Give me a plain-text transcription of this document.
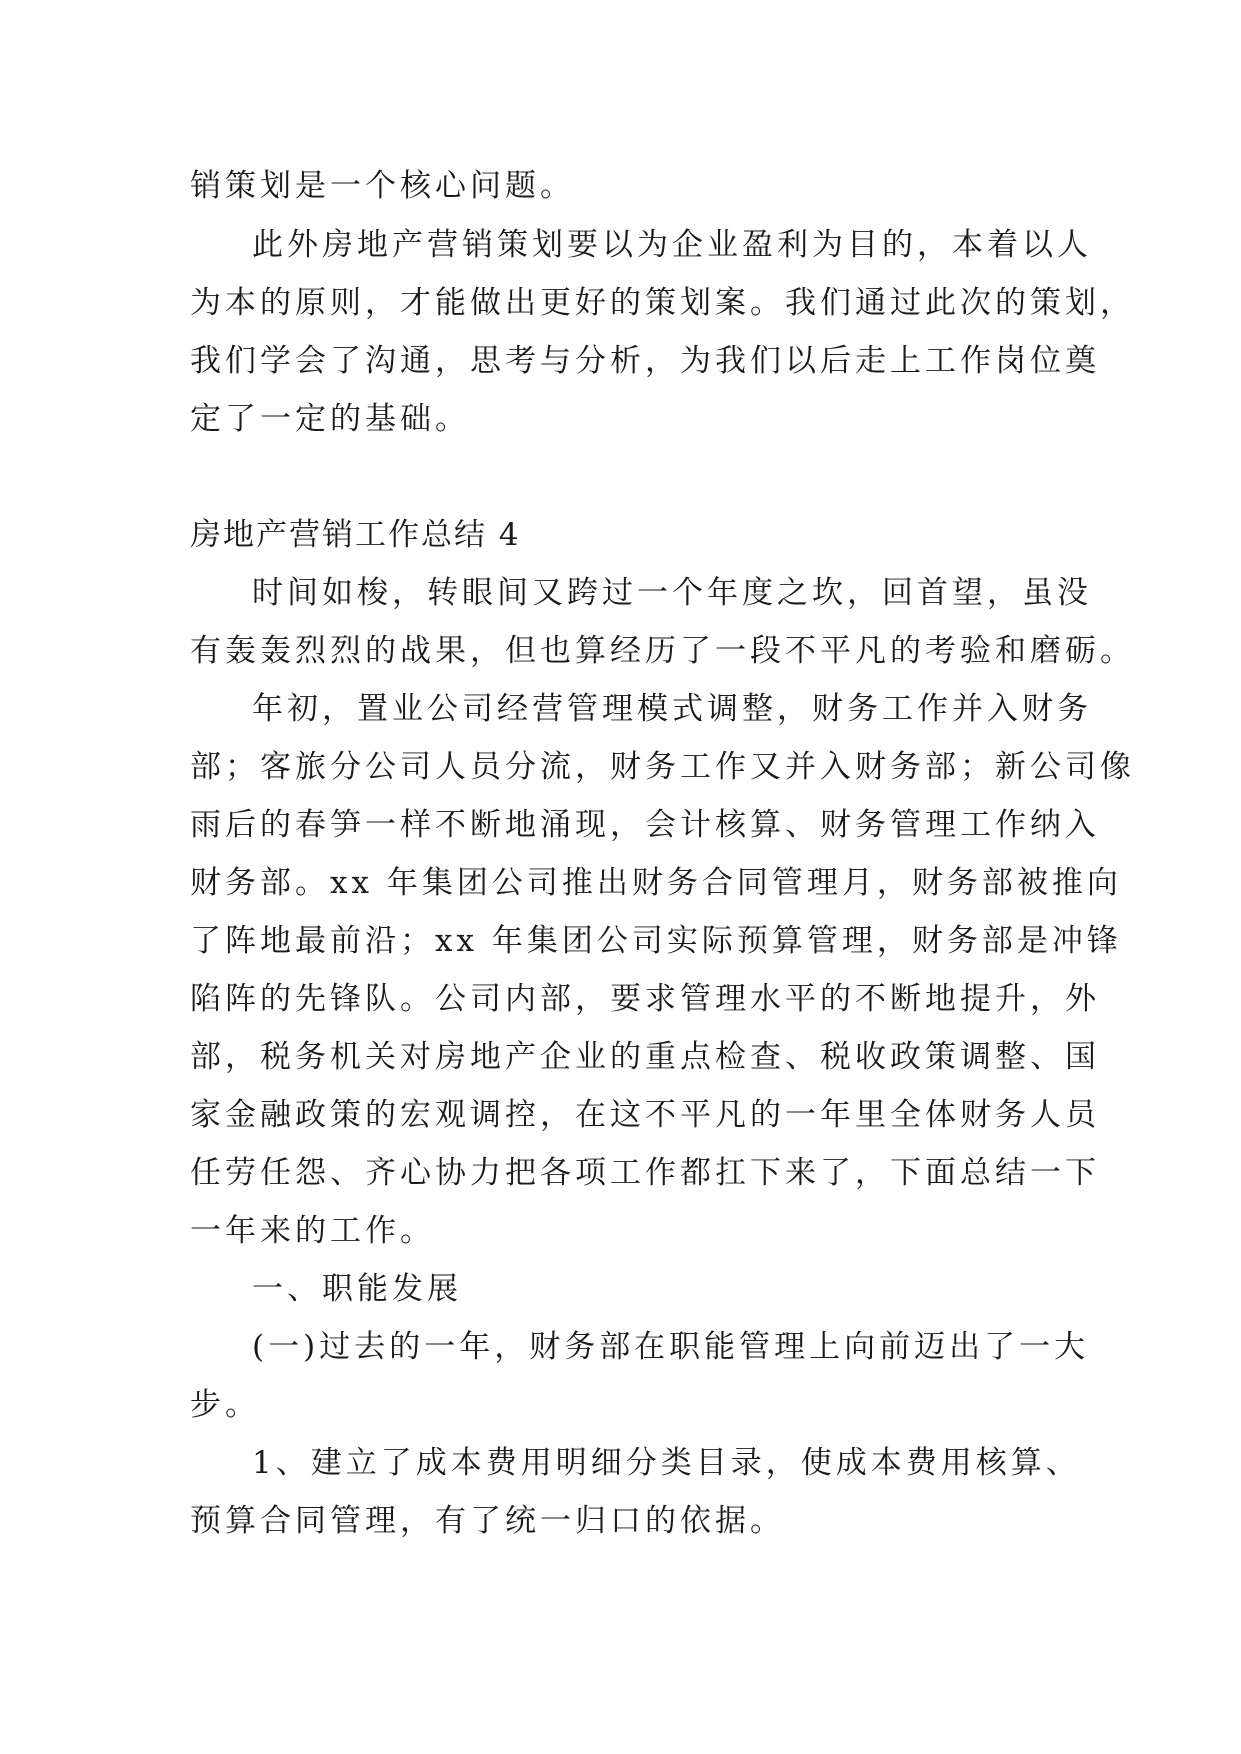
销策划是一个核心问题。
此外房地产营销策划要以为企业盈利为目的，本着以人
为本的原则，才能做出更好的策划案。我们通过此次的策划，
我们学会了沟通，思考与分析，为我们以后走上工作岗位奠
定了一定的基础。
房地产营销工作总结 4
时间如梭，转眼间又跨过一个年度之坎，回首望，虽没
有轰轰烈烈的战果，但也算经历了一段不平凡的考验和磨砺。
年初，置业公司经营管理模式调整，财务工作并入财务
部；客旅分公司人员分流，财务工作又并入财务部；新公司像
雨后的春笋一样不断地涌现，会计核算、财务管理工作纳入
财务部。xx 年集团公司推出财务合同管理月，财务部被推向
了阵地最前沿；xx 年集团公司实际预算管理，财务部是冲锋
陷阵的先锋队。公司内部，要求管理水平的不断地提升，外
部，税务机关对房地产企业的重点检查、税收政策调整、国
家金融政策的宏观调控，在这不平凡的一年里全体财务人员
任劳任怨、齐心协力把各项工作都扛下来了，下面总结一下
一年来的工作。
一、职能发展
(一)过去的一年，财务部在职能管理上向前迈出了一大
步。
1、建立了成本费用明细分类目录，使成本费用核算、
预算合同管理，有了统一归口的依据。
